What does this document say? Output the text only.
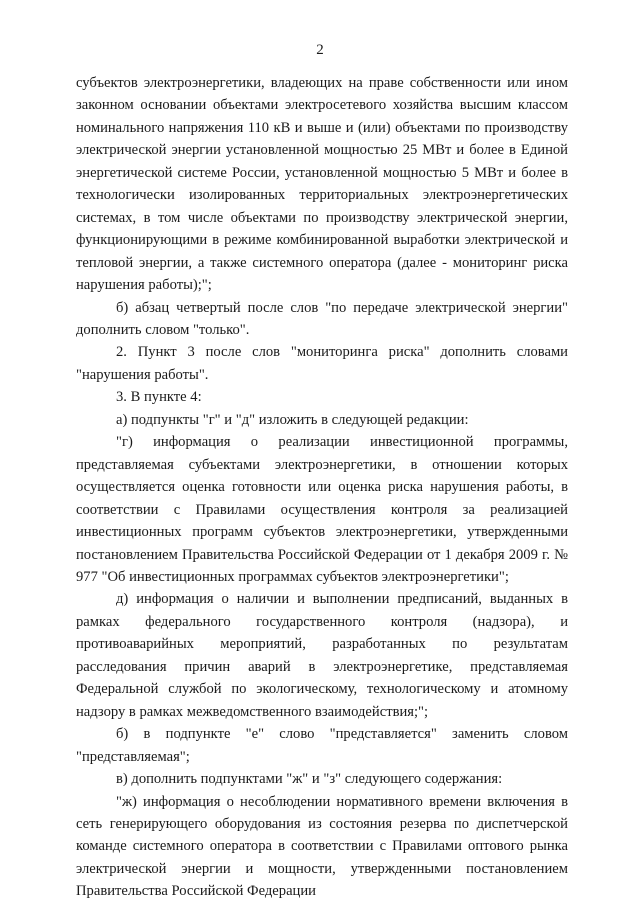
2

субъектов электроэнергетики, владеющих на праве собственности или ином законном основании объектами электросетевого хозяйства высшим классом номинального напряжения 110 кВ и выше и (или) объектами по производству электрической энергии установленной мощностью 25 МВт и более в Единой энергетической системе России, установленной мощностью 5 МВт и более в технологически изолированных территориальных электроэнергетических системах, в том числе объектами по производству электрической энергии, функционирующими в режиме комбинированной выработки электрической и тепловой энергии, а также системного оператора (далее - мониторинг риска нарушения работы);";

б) абзац четвертый после слов "по передаче электрической энергии" дополнить словом "только".

2. Пункт 3 после слов "мониторинга риска" дополнить словами "нарушения работы".

3. В пункте 4:

а) подпункты "г" и "д" изложить в следующей редакции:

"г) информация о реализации инвестиционной программы, представляемая субъектами электроэнергетики, в отношении которых осуществляется оценка готовности или оценка риска нарушения работы, в соответствии с Правилами осуществления контроля за реализацией инвестиционных программ субъектов электроэнергетики, утвержденными постановлением Правительства Российской Федерации от 1 декабря 2009 г. № 977 "Об инвестиционных программах субъектов электроэнергетики";

д) информация о наличии и выполнении предписаний, выданных в рамках федерального государственного контроля (надзора), и противоаварийных мероприятий, разработанных по результатам расследования причин аварий в электроэнергетике, представляемая Федеральной службой по экологическому, технологическому и атомному надзору в рамках межведомственного взаимодействия;";

б) в подпункте "е" слово "представляется" заменить словом "представляемая";

в) дополнить подпунктами "ж" и "з" следующего содержания:

"ж) информация о несоблюдении нормативного времени включения в сеть генерирующего оборудования из состояния резерва по диспетчерской команде системного оператора в соответствии с Правилами оптового рынка электрической энергии и мощности, утвержденными постановлением Правительства Российской Федерации
